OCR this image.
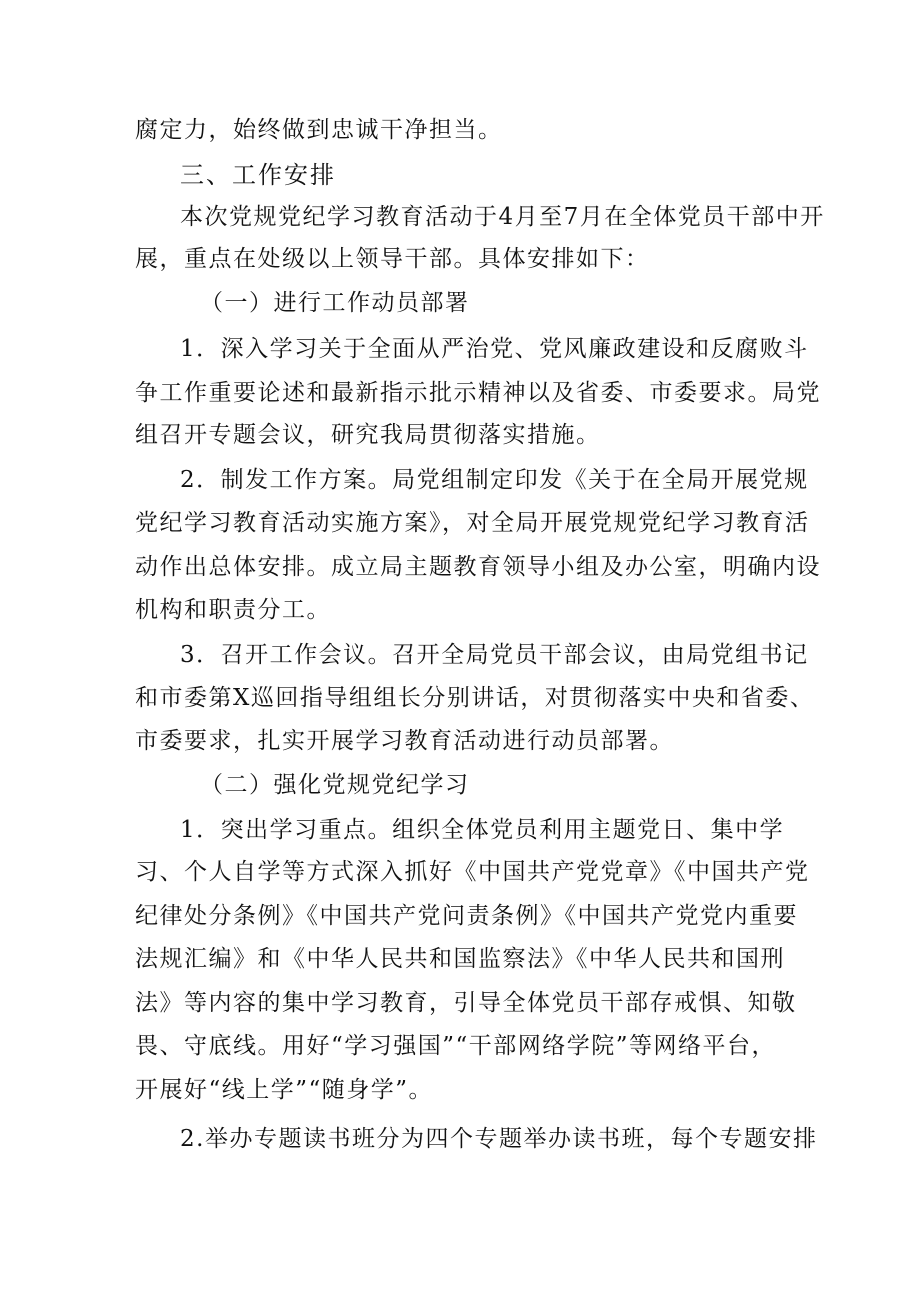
腐定力，始终做到忠诚干净担当。

三、工作安排

本次党规党纪学习教育活动于4月至7月在全体党员干部中开

展，重点在处级以上领导干部。具体安排如下：

（一）进行工作动员部署

1．深入学习关于全面从严治党、党风廉政建设和反腐败斗

争工作重要论述和最新指示批示精神以及省委、市委要求。局党

组召开专题会议，研究我局贯彻落实措施。

2．制发工作方案。局党组制定印发《关于在全局开展党规

党纪学习教育活动实施方案》，对全局开展党规党纪学习教育活

动作出总体安排。成立局主题教育领导小组及办公室，明确内设

机构和职责分工。

3．召开工作会议。召开全局党员干部会议，由局党组书记

和市委第X巡回指导组组长分别讲话，对贯彻落实中央和省委、

市委要求，扎实开展学习教育活动进行动员部署。

（二）强化党规党纪学习

1．突出学习重点。组织全体党员利用主题党日、集中学

习、个人自学等方式深入抓好《中国共产党党章》《中国共产党

纪律处分条例》《中国共产党问责条例》《中国共产党党内重要

法规汇编》和《中华人民共和国监察法》《中华人民共和国刑

法》等内容的集中学习教育，引导全体党员干部存戒惧、知敬

畏、守底线。用好“学习强国”“干部网络学院”等网络平台，

开展好“线上学”“随身学”。

2.举办专题读书班分为四个专题举办读书班，每个专题安排
